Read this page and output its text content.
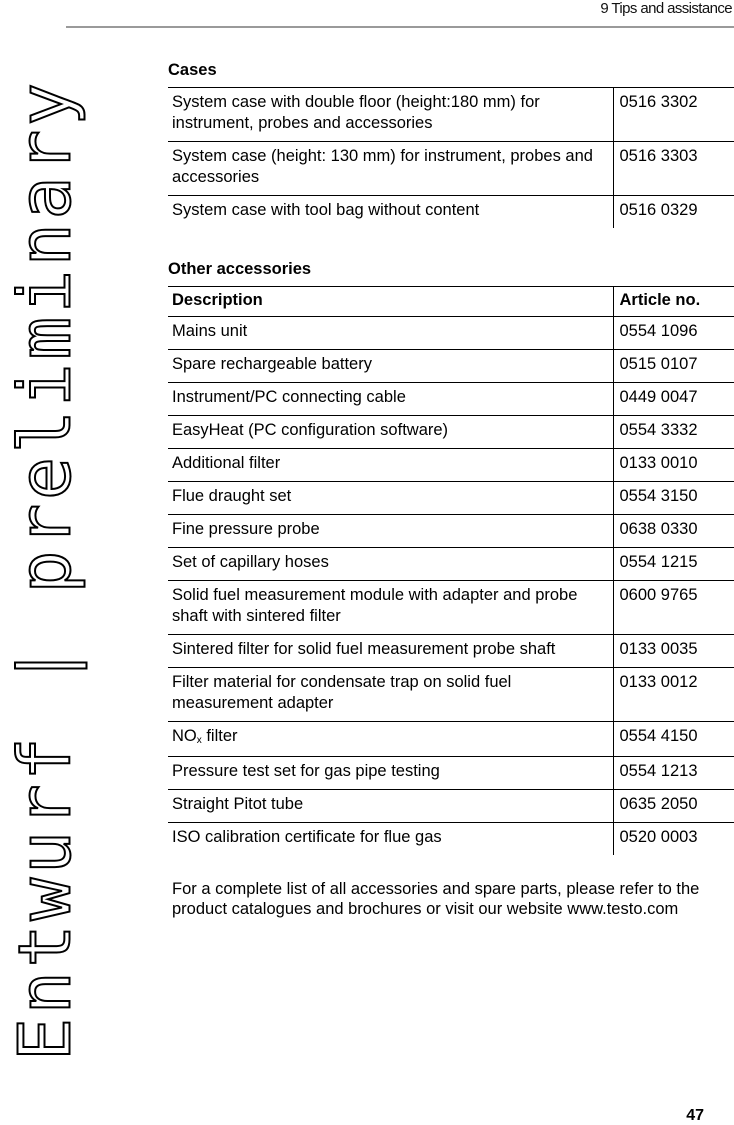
9 Tips and assistance
Entwurf | preliminary
Cases
System case with double floor (height:180 mm) for instrument, probes and accessories	0516 3302
System case (height: 130 mm) for instrument, probes and accessories	0516 3303
System case with tool bag without content	0516 0329
Other accessories
Description	Article no.
Mains unit	0554 1096
Spare rechargeable battery	0515 0107
Instrument/PC connecting cable	0449 0047
EasyHeat (PC configuration software)	0554 3332
Additional filter	0133 0010
Flue draught set	0554 3150
Fine pressure probe	0638 0330
Set of capillary hoses	0554 1215
Solid fuel measurement module with adapter and probe shaft with sintered filter	0600 9765
Sintered filter for solid fuel measurement probe shaft	0133 0035
Filter material for condensate trap on solid fuel measurement adapter	0133 0012
$NO_x$ filter	0554 4150
Pressure test set for gas pipe testing	0554 1213
Straight Pitot tube	0635 2050
ISO calibration certificate for flue gas	0520 0003
For a complete list of all accessories and spare parts, please refer to the product catalogues and brochures or visit our website www.testo.com
47
